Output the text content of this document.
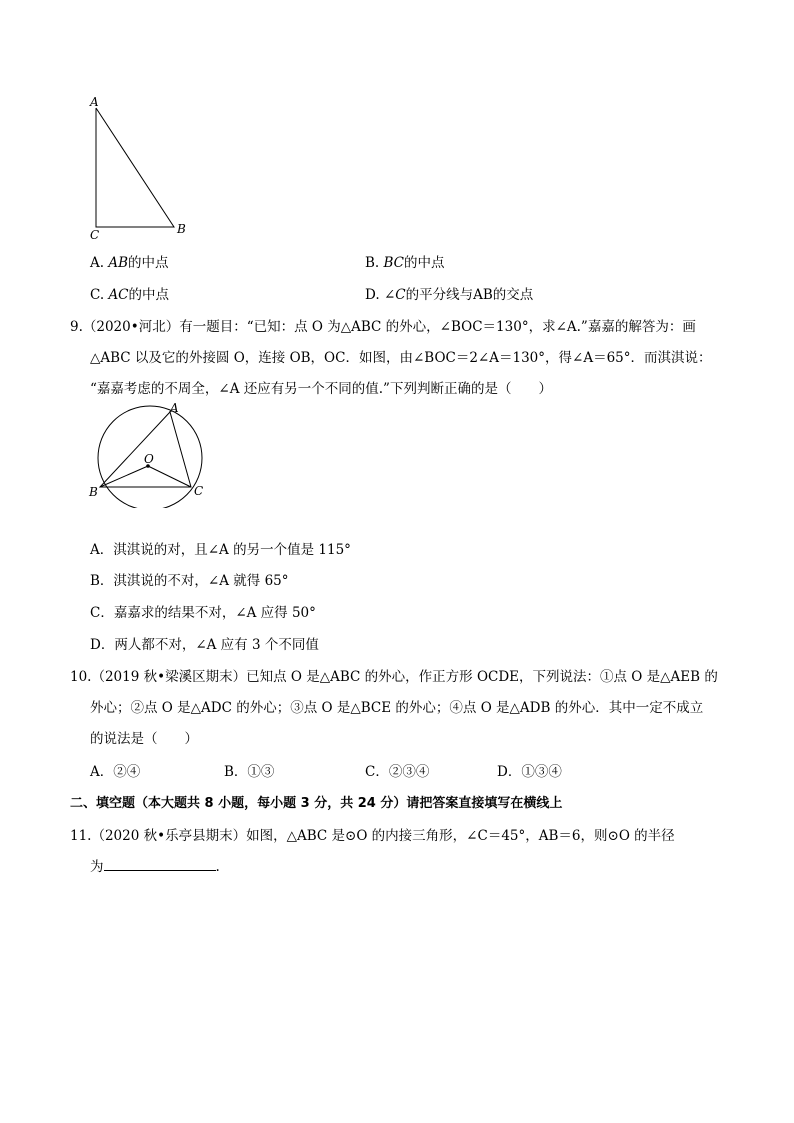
A
B
C
A. AB的中点	B. BC的中点
C. AC的中点	D. ∠C的平分线与AB的交点
9.（2020•河北）有一题目：“已知：点 O 为△ABC 的外心，∠BOC＝130°，求∠A.”嘉嘉的解答为：画
△ABC 以及它的外接圆 O，连接 OB，OC．如图，由∠BOC＝2∠A＝130°，得∠A＝65°．而淇淇说：
“嘉嘉考虑的不周全，∠A 还应有另一个不同的值.”下列判断正确的是（　　）
A
B	C
O
A．淇淇说的对，且∠A 的另一个值是 115°
B．淇淇说的不对，∠A 就得 65°
C．嘉嘉求的结果不对，∠A 应得 50°
D．两人都不对，∠A 应有 3 个不同值
10.（2019 秋•梁溪区期末）已知点 O 是△ABC 的外心，作正方形 OCDE，下列说法：①点 O 是△AEB 的
外心；②点 O 是△ADC 的外心；③点 O 是△BCE 的外心；④点 O 是△ADB 的外心．其中一定不成立
的说法是（　　）
A．②④	B．①③	C．②③④	D．①③④
二、填空题（本大题共 8 小题，每小题 3 分，共 24 分）请把答案直接填写在横线上
11.（2020 秋•乐亭县期末）如图，△ABC 是⊙O 的内接三角形，∠C＝45°，AB＝6，则⊙O 的半径
为	.
